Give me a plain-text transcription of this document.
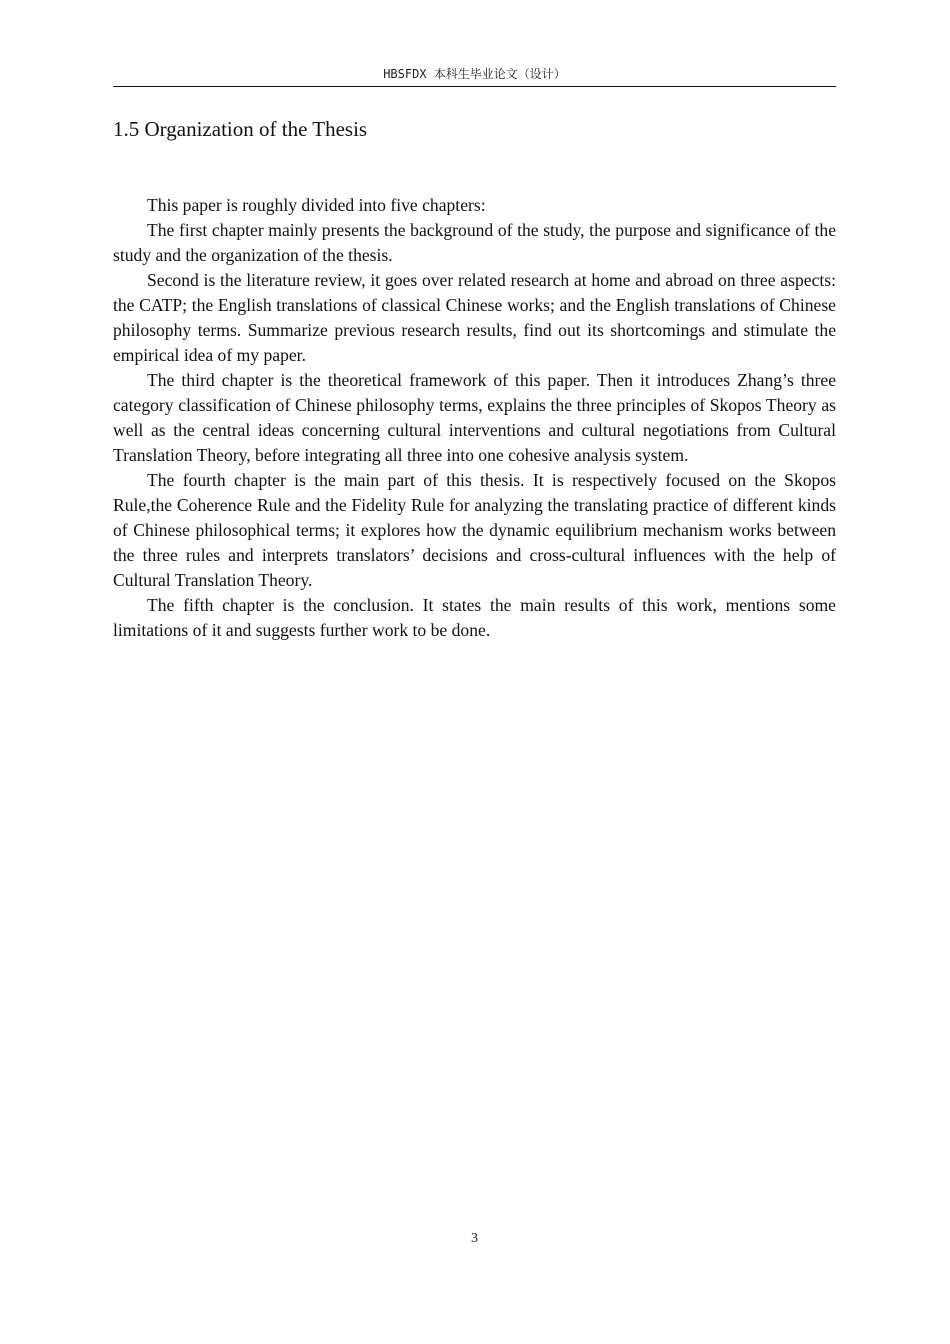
HBSFDX 本科生毕业论文（设计）
1.5 Organization of the Thesis

This paper is roughly divided into five chapters:

The first chapter mainly presents the background of the study, the purpose and significance of the study and the organization of the thesis.

Second is the literature review, it goes over related research at home and abroad on three aspects: the CATP; the English translations of classical Chinese works; and the English translations of Chinese philosophy terms. Summarize previous research results, find out its shortcomings and stimulate the empirical idea of my paper.

The third chapter is the theoretical framework of this paper. Then it introduces Zhang’s three category classification of Chinese philosophy terms, explains the three principles of Skopos Theory as well as the central ideas concerning cultural interventions and cultural negotiations from Cultural Translation Theory, before integrating all three into one cohesive analysis system.

The fourth chapter is the main part of this thesis. It is respectively focused on the Skopos Rule,the Coherence Rule and the Fidelity Rule for analyzing the translating practice of different kinds of Chinese philosophical terms; it explores how the dynamic equilibrium mechanism works between the three rules and interprets translators’ decisions and cross-cultural influences with the help of Cultural Translation Theory.

The fifth chapter is the conclusion. It states the main results of this work, mentions some limitations of it and suggests further work to be done.

3
